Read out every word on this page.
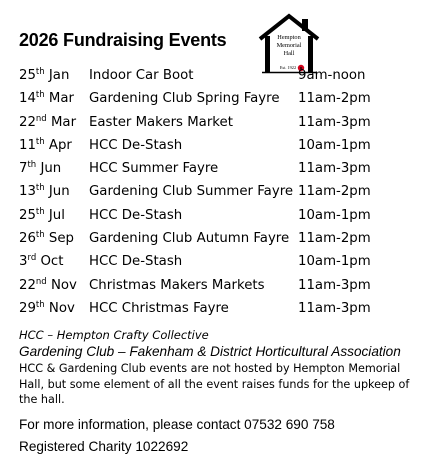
2026 Fundraising Events	Hempton
Memorial
Hall
Est. 1922
25th Jan Indoor Car Boot	9am-noon
14th Mar Gardening Club Spring Fayre 11am-2pm
22nd Mar Easter Makers Market	11am-3pm
11th Apr HCC De-Stash	10am-1pm
7th Jun HCC Summer Fayre	11am-3pm
13th Jun Gardening Club Summer Fayre 11am-2pm
25th Jul HCC De-Stash	10am-1pm
26th Sep Gardening Club Autumn Fayre 11am-2pm
3rd Oct HCC De-Stash	10am-1pm
22nd Nov Christmas Makers Markets	11am-3pm
29th Nov HCC Christmas Fayre	11am-3pm
HCC – Hempton Crafty Collective
Gardening Club – Fakenham & District Horticultural Association
HCC & Gardening Club events are not hosted by Hempton Memorial Hall, but some element of all the event raises funds for the upkeep of the hall.
For more information, please contact 07532 690 758
Registered Charity 1022692
